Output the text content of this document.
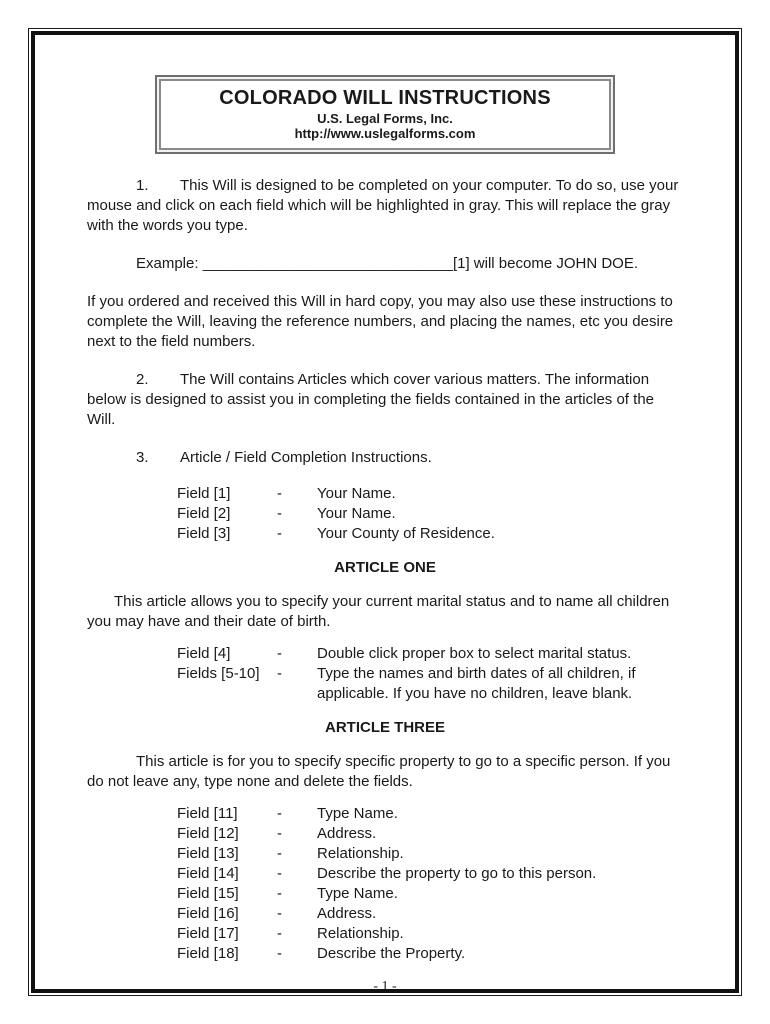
COLORADO WILL INSTRUCTIONS
U.S. Legal Forms, Inc.
http://www.uslegalforms.com

1. This Will is designed to be completed on your computer. To do so, use your mouse and click on each field which will be highlighted in gray. This will replace the gray with the words you type.

Example: ______________________________[1] will become JOHN DOE.

If you ordered and received this Will in hard copy, you may also use these instructions to complete the Will, leaving the reference numbers, and placing the names, etc you desire next to the field numbers.

2. The Will contains Articles which cover various matters. The information below is designed to assist you in completing the fields contained in the articles of the Will.

3. Article / Field Completion Instructions.

Field [1]	-	Your Name.
Field [2]	-	Your Name.
Field [3]	-	Your County of Residence.
ARTICLE ONE

This article allows you to specify your current marital status and to name all children you may have and their date of birth.

Field [4]	-	Double click proper box to select marital status.
Fields [5-10]	-	Type the names and birth dates of all children, if applicable. If you have no children, leave blank.
ARTICLE THREE

This article is for you to specify specific property to go to a specific person. If you do not leave any, type none and delete the fields.

Field [11]	-	Type Name.
Field [12]	-	Address.
Field [13]	-	Relationship.
Field [14]	-	Describe the property to go to this person.
Field [15]	-	Type Name.
Field [16]	-	Address.
Field [17]	-	Relationship.
Field [18]	-	Describe the Property.
- 1 -
